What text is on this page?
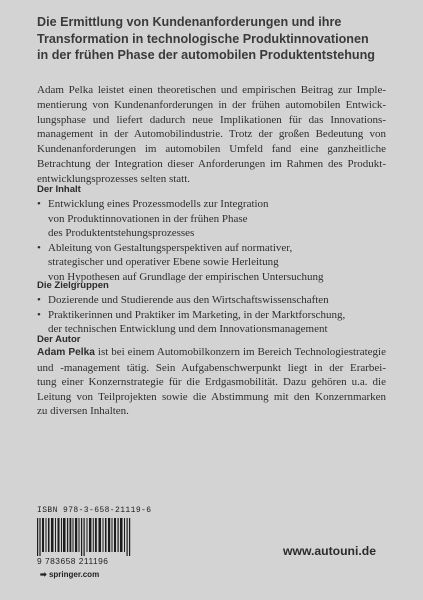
Die Ermittlung von Kundenanforderungen und ihre
Transformation in technologische Produktinnovationen
in der frühen Phase der automobilen Produktentstehung
Adam Pelka leistet einen theoretischen und empirischen Beitrag zur Imple-
mentierung von Kundenanforderungen in der frühen automobilen Entwick-
lungsphase und liefert dadurch neue Implikationen für das Innovations-
management in der Automobilindustrie. Trotz der großen Bedeutung von
Kundenanforderungen im automobilen Umfeld fand eine ganzheitliche
Betrachtung der Integration dieser Anforderungen im Rahmen des Produkt-
entwicklungsprozesses selten statt.
Der Inhalt
• Entwicklung eines Prozessmodells zur Integration
von Produktinnovationen in der frühen Phase
des Produktentstehungsprozesses
• Ableitung von Gestaltungsperspektiven auf normativer,
strategischer und operativer Ebene sowie Herleitung
von Hypothesen auf Grundlage der empirischen Untersuchung
Die Zielgruppen
• Dozierende und Studierende aus den Wirtschaftswissenschaften
• Praktikerinnen und Praktiker im Marketing, in der Marktforschung,
der technischen Entwicklung und dem Innovationsmanagement
Der Autor
Adam Pelka ist bei einem Automobilkonzern im Bereich Technologiestrategie
und -management tätig. Sein Aufgabenschwerpunkt liegt in der Erarbei-
tung einer Konzernstrategie für die Erdgasmobilität. Dazu gehören u.a. die
Leitung von Teilprojekten sowie die Abstimmung mit den Konzernmarken
zu diversen Inhalten.
ISBN 978-3-658-21119-6
9 783658 211196
➡ springer.com
www.autouni.de
